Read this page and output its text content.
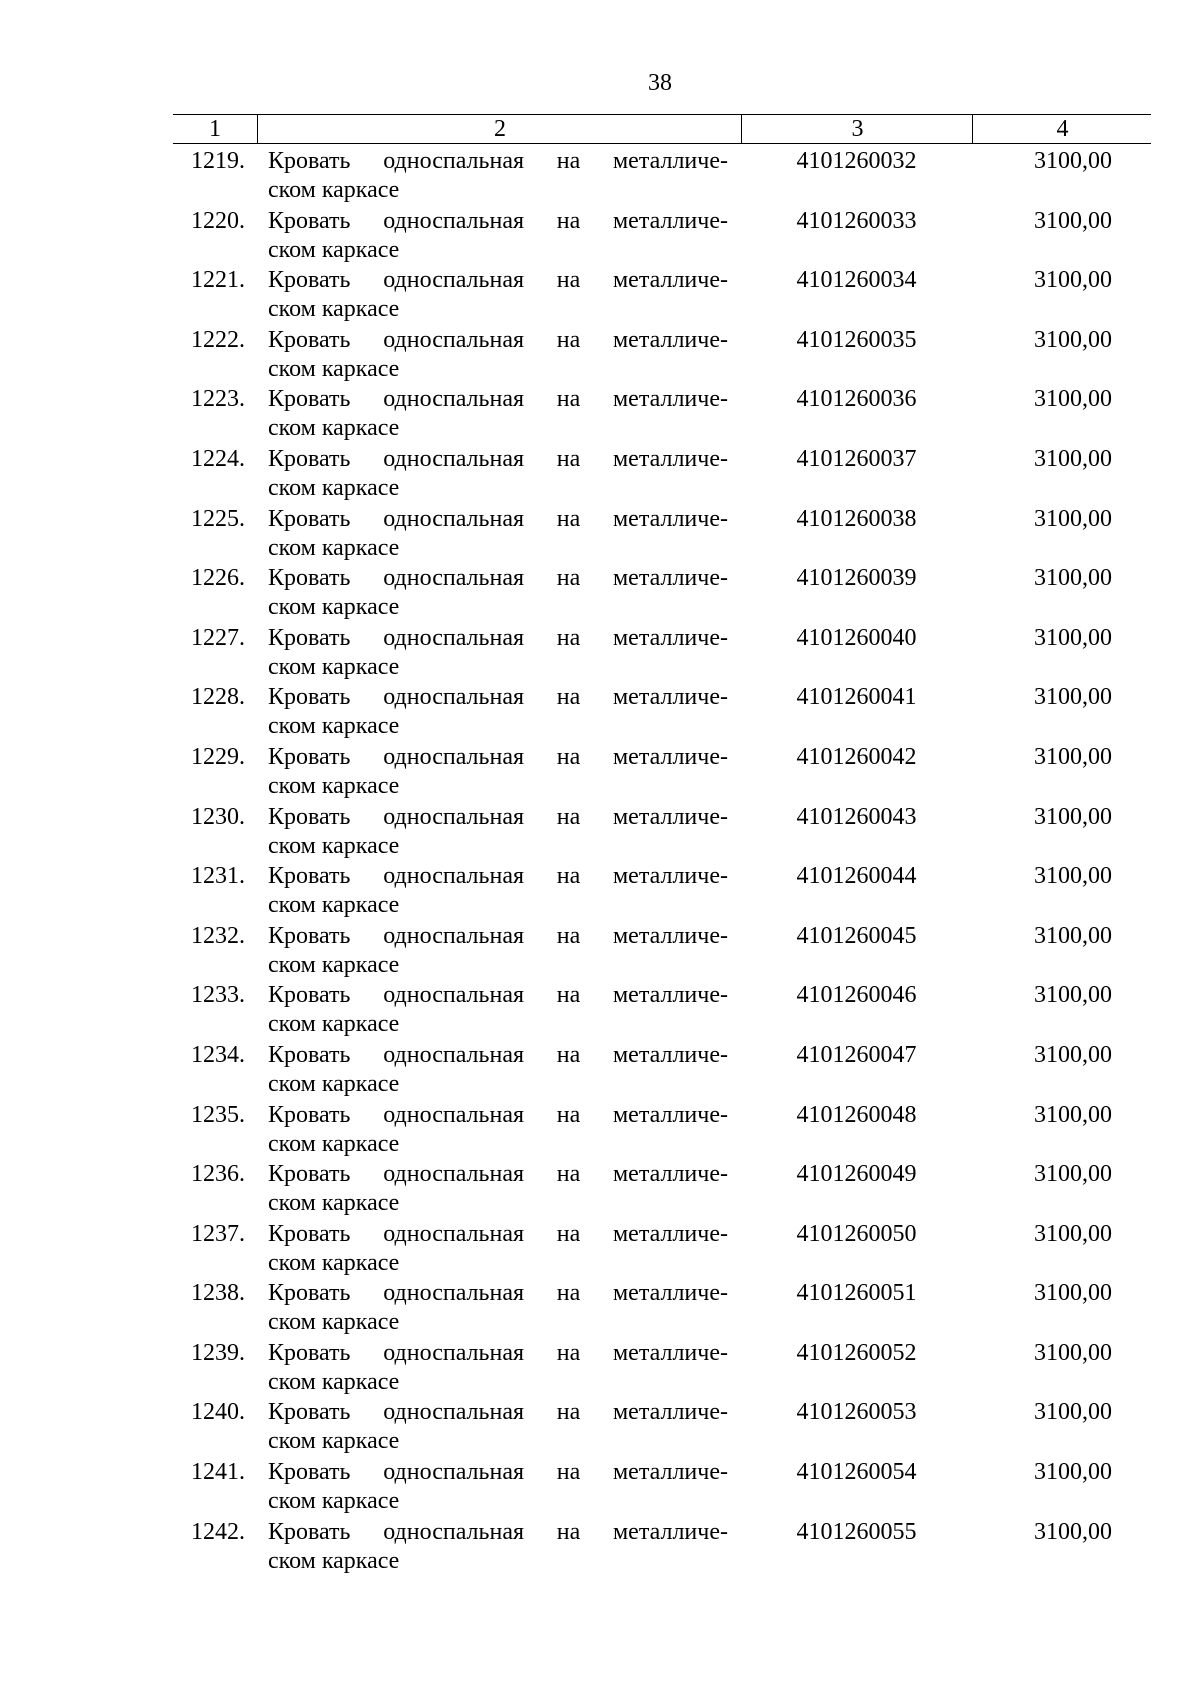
38
1	2	3	4
1219. Кровать односпальная на металличе-
ском каркасе
4101260032	3100,00
1220. Кровать односпальная на металличе-
ском каркасе
4101260033	3100,00
1221. Кровать односпальная на металличе-
ском каркасе
4101260034	3100,00
1222. Кровать односпальная на металличе-
ском каркасе
4101260035	3100,00
1223. Кровать односпальная на металличе-
ском каркасе
4101260036	3100,00
1224. Кровать односпальная на металличе-
ском каркасе
4101260037	3100,00
1225. Кровать односпальная на металличе-
ском каркасе
4101260038	3100,00
1226. Кровать односпальная на металличе-
ском каркасе
4101260039	3100,00
1227. Кровать односпальная на металличе-
ском каркасе
4101260040	3100,00
1228. Кровать односпальная на металличе-
ском каркасе
4101260041	3100,00
1229. Кровать односпальная на металличе-
ском каркасе
4101260042	3100,00
1230. Кровать односпальная на металличе-
ском каркасе
4101260043	3100,00
1231. Кровать односпальная на металличе-
ском каркасе
4101260044	3100,00
1232. Кровать односпальная на металличе-
ском каркасе
4101260045	3100,00
1233. Кровать односпальная на металличе-
ском каркасе
4101260046	3100,00
1234. Кровать односпальная на металличе-
ском каркасе
4101260047	3100,00
1235. Кровать односпальная на металличе-
ском каркасе
4101260048	3100,00
1236. Кровать односпальная на металличе-
ском каркасе
4101260049	3100,00
1237. Кровать односпальная на металличе-
ском каркасе
4101260050	3100,00
1238. Кровать односпальная на металличе-
ском каркасе
4101260051	3100,00
1239. Кровать односпальная на металличе-
ском каркасе
4101260052	3100,00
1240. Кровать односпальная на металличе-
ском каркасе
4101260053	3100,00
1241. Кровать односпальная на металличе-
ском каркасе
4101260054	3100,00
1242. Кровать односпальная на металличе-
ском каркасе
4101260055	3100,00
